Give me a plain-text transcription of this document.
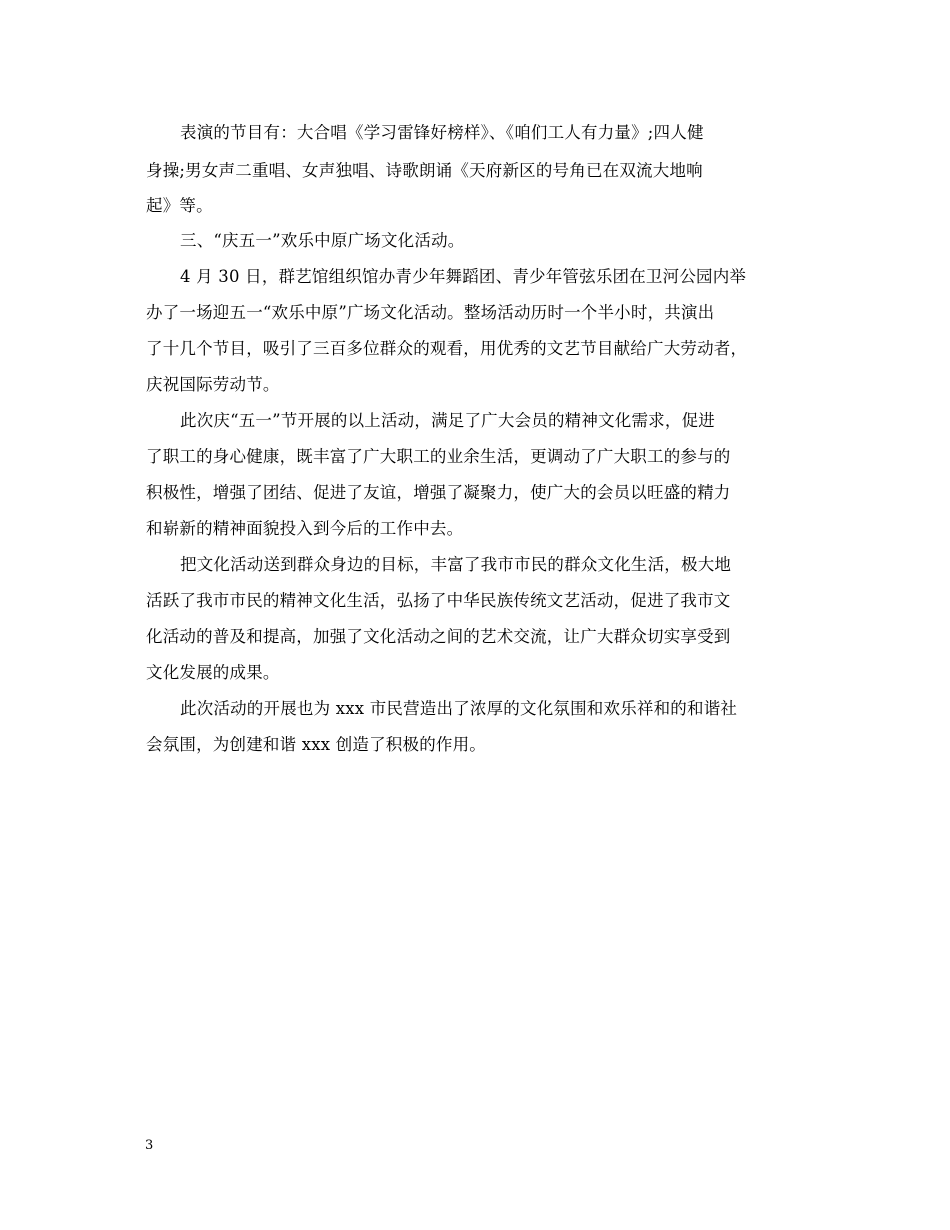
表演的节目有：大合唱《学习雷锋好榜样》、《咱们工人有力量》;四人健
身操;男女声二重唱、女声独唱、诗歌朗诵《天府新区的号角已在双流大地响
起》等。
三、“庆五一”欢乐中原广场文化活动。
4 月 30 日，群艺馆组织馆办青少年舞蹈团、青少年管弦乐团在卫河公园内举
办了一场迎五一“欢乐中原”广场文化活动。整场活动历时一个半小时，共演出
了十几个节目，吸引了三百多位群众的观看，用优秀的文艺节目献给广大劳动者，
庆祝国际劳动节。
此次庆“五一”节开展的以上活动，满足了广大会员的精神文化需求，促进
了职工的身心健康，既丰富了广大职工的业余生活，更调动了广大职工的参与的
积极性，增强了团结、促进了友谊，增强了凝聚力，使广大的会员以旺盛的精力
和崭新的精神面貌投入到今后的工作中去。
把文化活动送到群众身边的目标，丰富了我市市民的群众文化生活，极大地
活跃了我市市民的精神文化生活，弘扬了中华民族传统文艺活动，促进了我市文
化活动的普及和提高，加强了文化活动之间的艺术交流，让广大群众切实享受到
文化发展的成果。
此次活动的开展也为 xxx 市民营造出了浓厚的文化氛围和欢乐祥和的和谐社
会氛围，为创建和谐 xxx 创造了积极的作用。
3
